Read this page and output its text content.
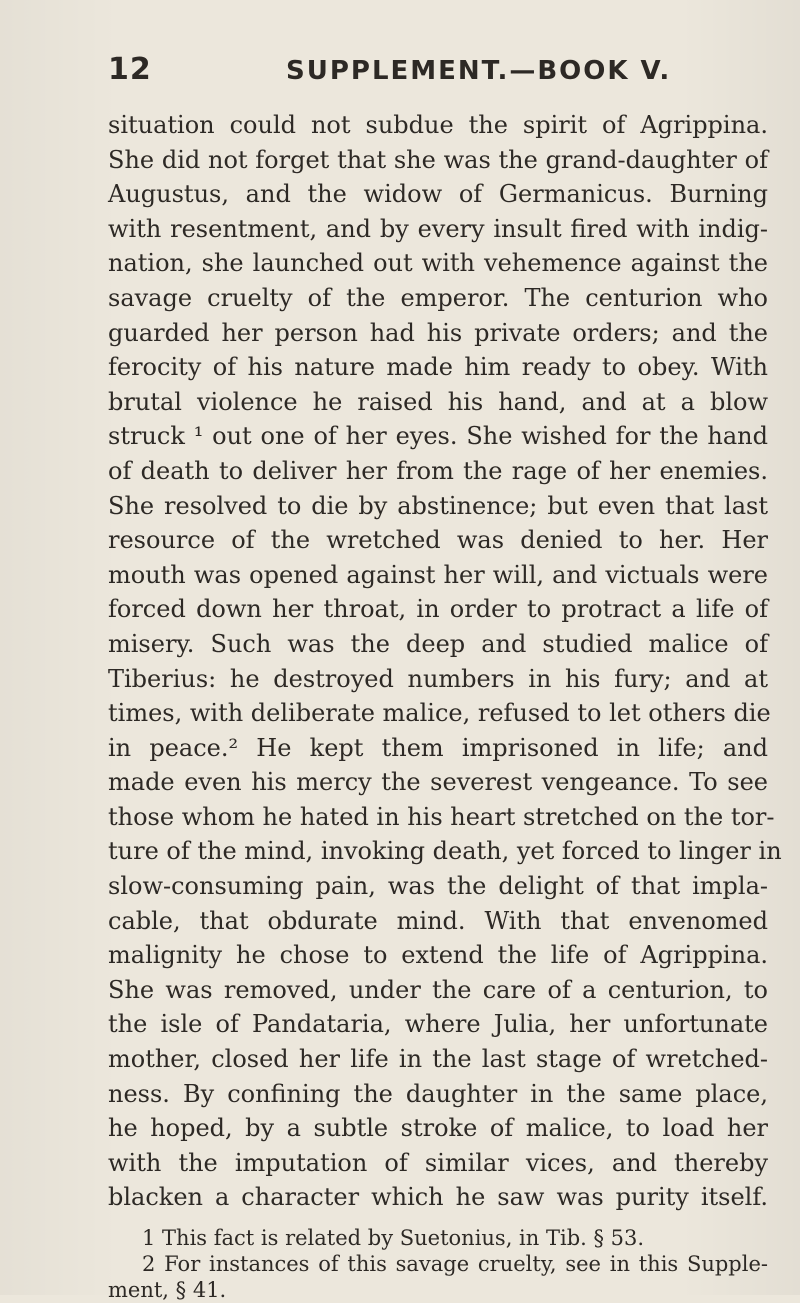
12	SUPPLEMENT.—BOOK V.
situation could not subdue the spirit of Agrippina.
She did not forget that she was the grand-daughter of
Augustus, and the widow of Germanicus. Burning
with resentment, and by every insult fired with indig-
nation, she launched out with vehemence against the
savage cruelty of the emperor. The centurion who
guarded her person had his private orders; and the
ferocity of his nature made him ready to obey. With
brutal violence he raised his hand, and at a blow
struck ¹ out one of her eyes. She wished for the hand
of death to deliver her from the rage of her enemies.
She resolved to die by abstinence; but even that last
resource of the wretched was denied to her. Her
mouth was opened against her will, and victuals were
forced down her throat, in order to protract a life of
misery. Such was the deep and studied malice of
Tiberius: he destroyed numbers in his fury; and at
times, with deliberate malice, refused to let others die
in peace.² He kept them imprisoned in life; and
made even his mercy the severest vengeance. To see
those whom he hated in his heart stretched on the tor-
ture of the mind, invoking death, yet forced to linger in
slow-consuming pain, was the delight of that impla-
cable, that obdurate mind. With that envenomed
malignity he chose to extend the life of Agrippina.
She was removed, under the care of a centurion, to
the isle of Pandataria, where Julia, her unfortunate
mother, closed her life in the last stage of wretched-
ness. By confining the daughter in the same place,
he hoped, by a subtle stroke of malice, to load her
with the imputation of similar vices, and thereby
blacken a character which he saw was purity itself.
1 This fact is related by Suetonius, in Tib. § 53.
2 For instances of this savage cruelty, see in this Supple-
ment, § 41.
